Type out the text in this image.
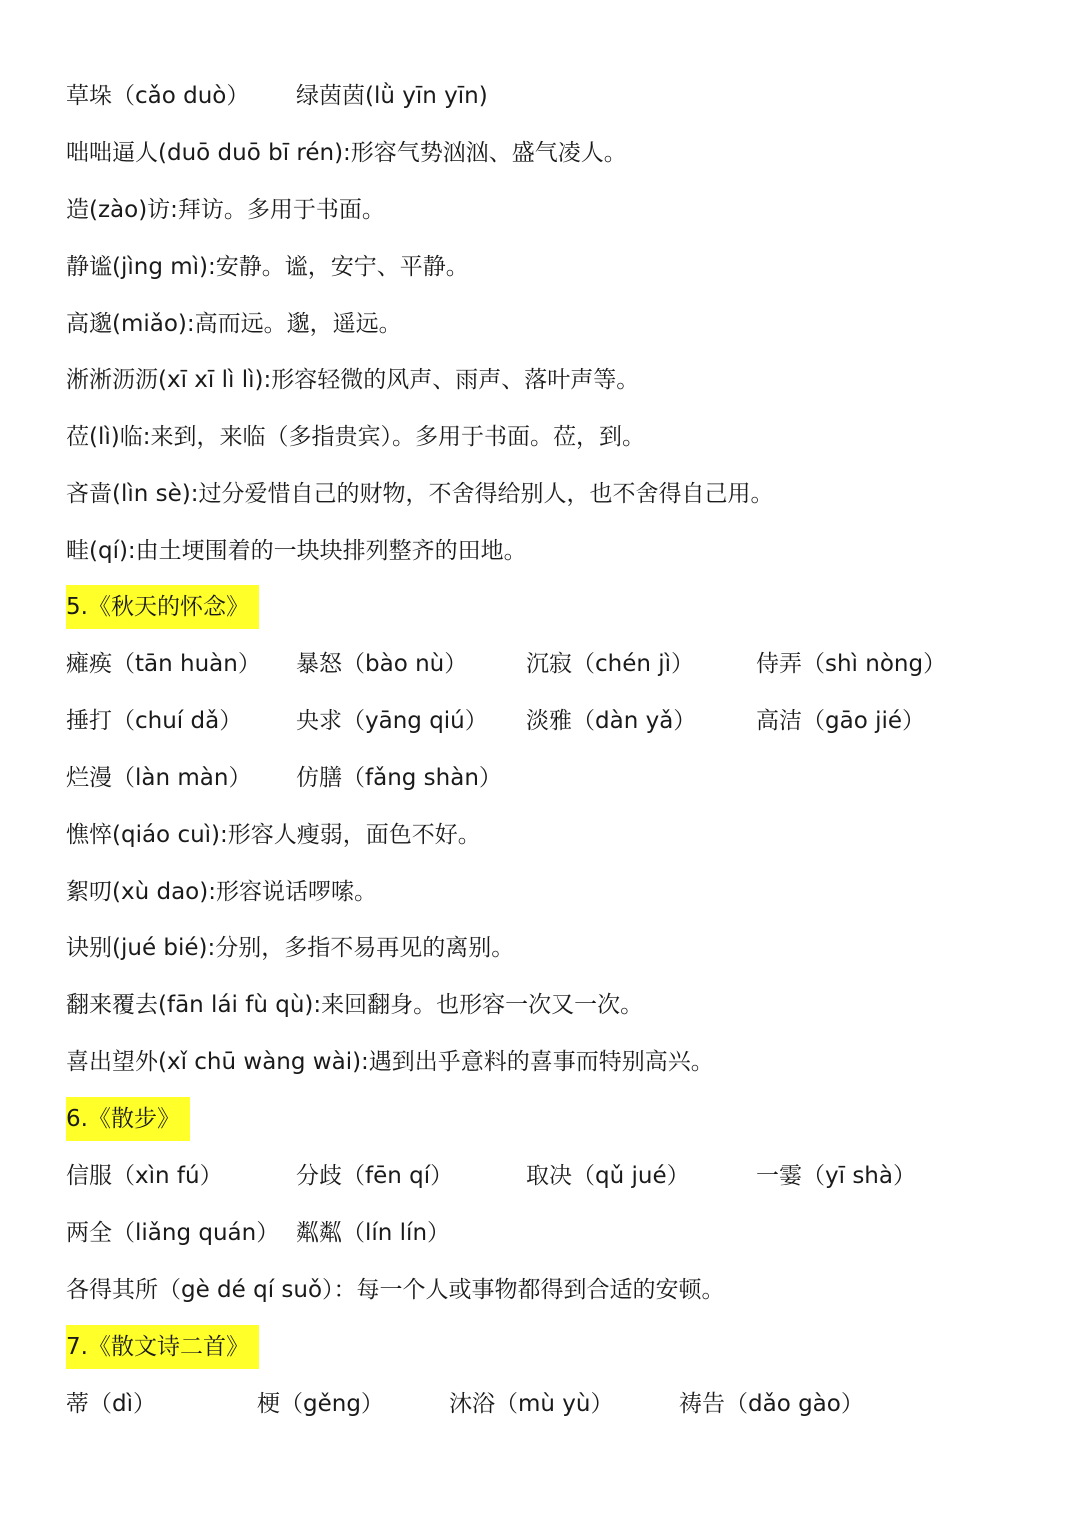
草垛（cǎo duò） 绿茵茵(lǜ yīn yīn)
咄咄逼人(duō duō bī rén):形容气势汹汹、盛气凌人。
造(zào)访:拜访。多用于书面。
静谧(jìng mì):安静。谧，安宁、平静。
高邈(miǎo):高而远。邈，遥远。
淅淅沥沥(xī xī lì lì):形容轻微的风声、雨声、落叶声等。
莅(lì)临:来到，来临（多指贵宾）。多用于书面。莅，到。
吝啬(lìn sè):过分爱惜自己的财物，不舍得给别人，也不舍得自己用。
畦(qí):由土埂围着的一块块排列整齐的田地。
5.《秋天的怀念》
瘫痪（tān huàn） 暴怒（bào nù）	沉寂（chén jì）	侍弄（shì nòng）
捶打（chuí dǎ） 央求（yāng qiú） 淡雅（dàn yǎ）	高洁（gāo jié）
烂漫（làn màn） 仿膳（fǎng shàn）
憔悴(qiáo cuì):形容人瘦弱，面色不好。
絮叨(xù dao):形容说话啰嗦。
诀别(jué bié):分别，多指不易再见的离别。
翻来覆去(fān lái fù qù):来回翻身。也形容一次又一次。
喜出望外(xǐ chū wàng wài):遇到出乎意料的喜事而特别高兴。
6.《散步》
信服（xìn fú）	分歧（fēn qí）	取决（qǔ jué）	一霎（yī shà）
两全（liǎng quán） 粼粼（lín lín）
各得其所（gè dé qí suǒ）：每一个人或事物都得到合适的安顿。
7.《散文诗二首》
蒂（dì）	梗（gěng）	沐浴（mù yù）	祷告（dǎo gào）
